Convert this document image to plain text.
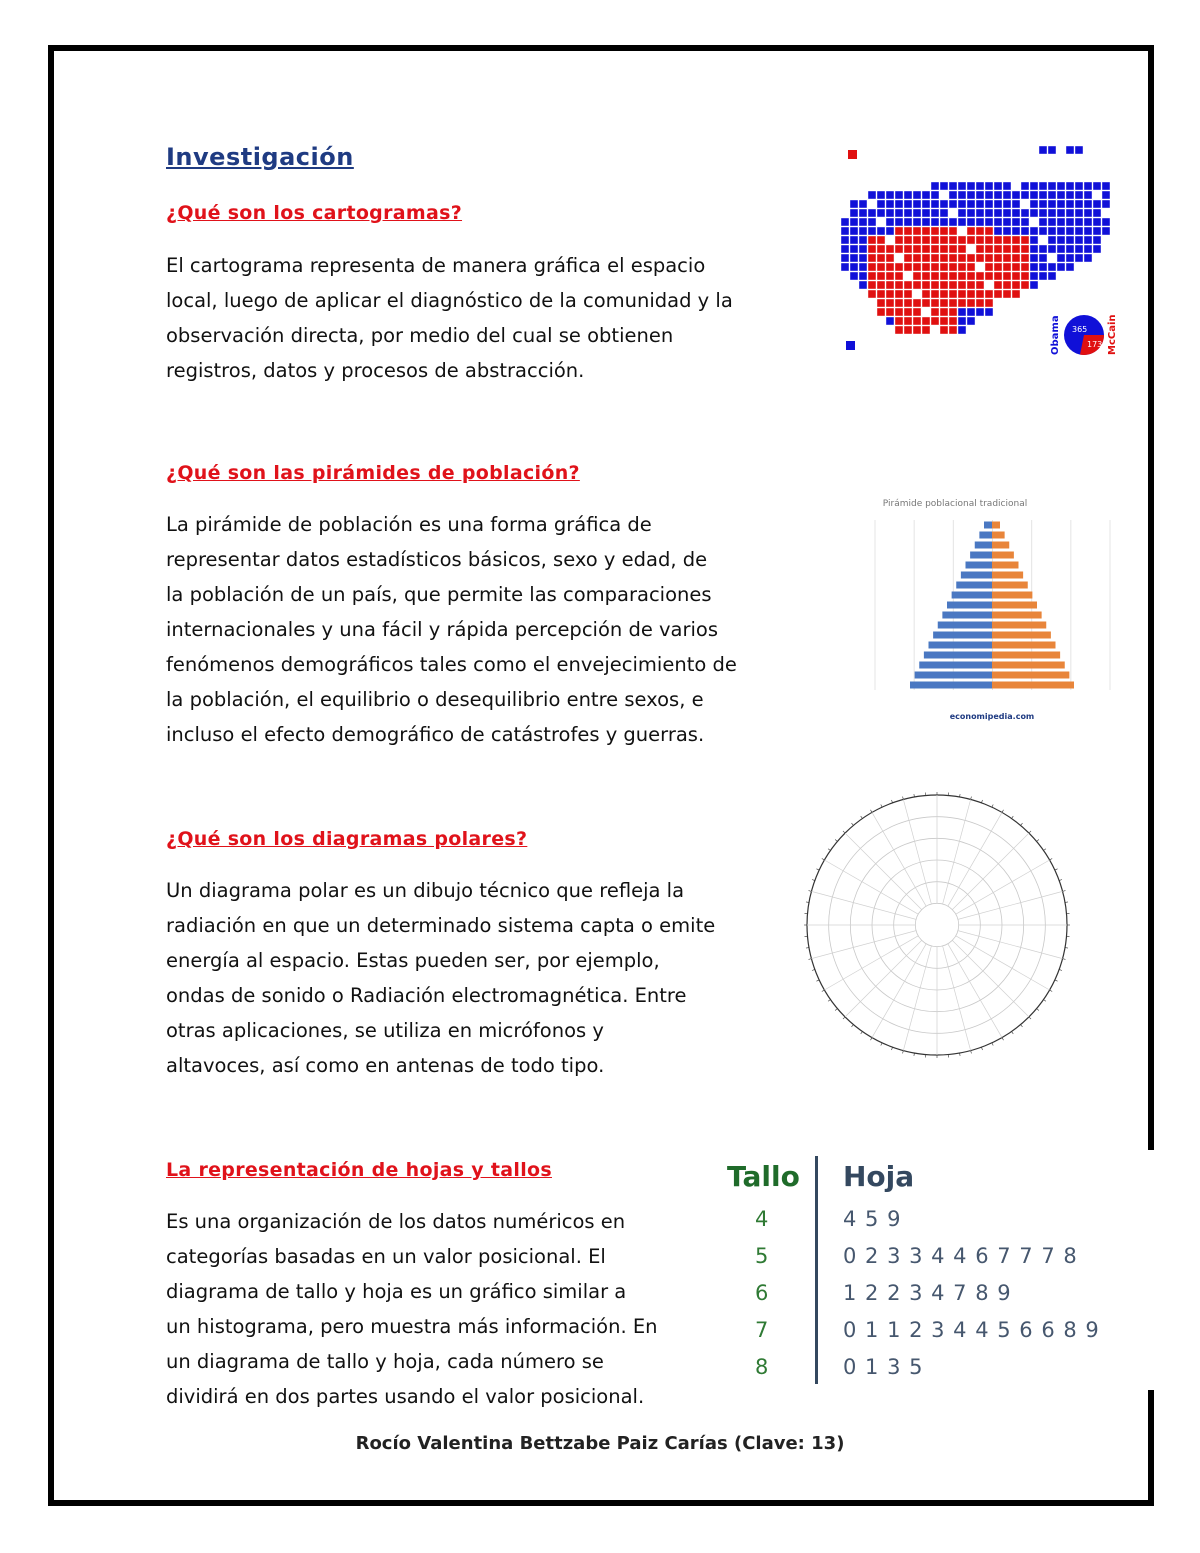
Investigación
¿Qué son los cartogramas?

El cartograma representa de manera gráfica el espacio
local, luego de aplicar el diagnóstico de la comunidad y la
observación directa, por medio del cual se obtienen
registros, datos y procesos de abstracción.

365
173
Obama	McCain
¿Qué son las pirámides de población?

La pirámide de población es una forma gráfica de
representar datos estadísticos básicos, sexo y edad, de
la población de un país, que permite las comparaciones
internacionales y una fácil y rápida percepción de varios
fenómenos demográficos tales como el envejecimiento de
la población, el equilibrio o desequilibrio entre sexos, e
incluso el efecto demográfico de catástrofes y guerras.

Pirámide poblacional tradicional
economipedia.com
¿Qué son los diagramas polares?

Un diagrama polar es un dibujo técnico que refleja la
radiación en que un determinado sistema capta o emite
energía al espacio. Estas pueden ser, por ejemplo,
ondas de sonido o Radiación electromagnética. Entre
otras aplicaciones, se utiliza en micrófonos y
altavoces, así como en antenas de todo tipo.

La representación de hojas y tallos

Es una organización de los datos numéricos en
categorías basadas en un valor posicional. El
diagrama de tallo y hoja es un gráfico similar a
un histograma, pero muestra más información. En
un diagrama de tallo y hoja, cada número se
dividirá en dos partes usando el valor posicional.

Tallo Hoja
4	4 5 9
5	0 2 3 3 4 4 6 7 7 7 8
6	1 2 2 3 4 7 8 9
7	0 1 1 2 3 4 4 5 6 6 8 9
8	0 1 3 5
Rocío Valentina Bettzabe Paiz Carías (Clave: 13)
